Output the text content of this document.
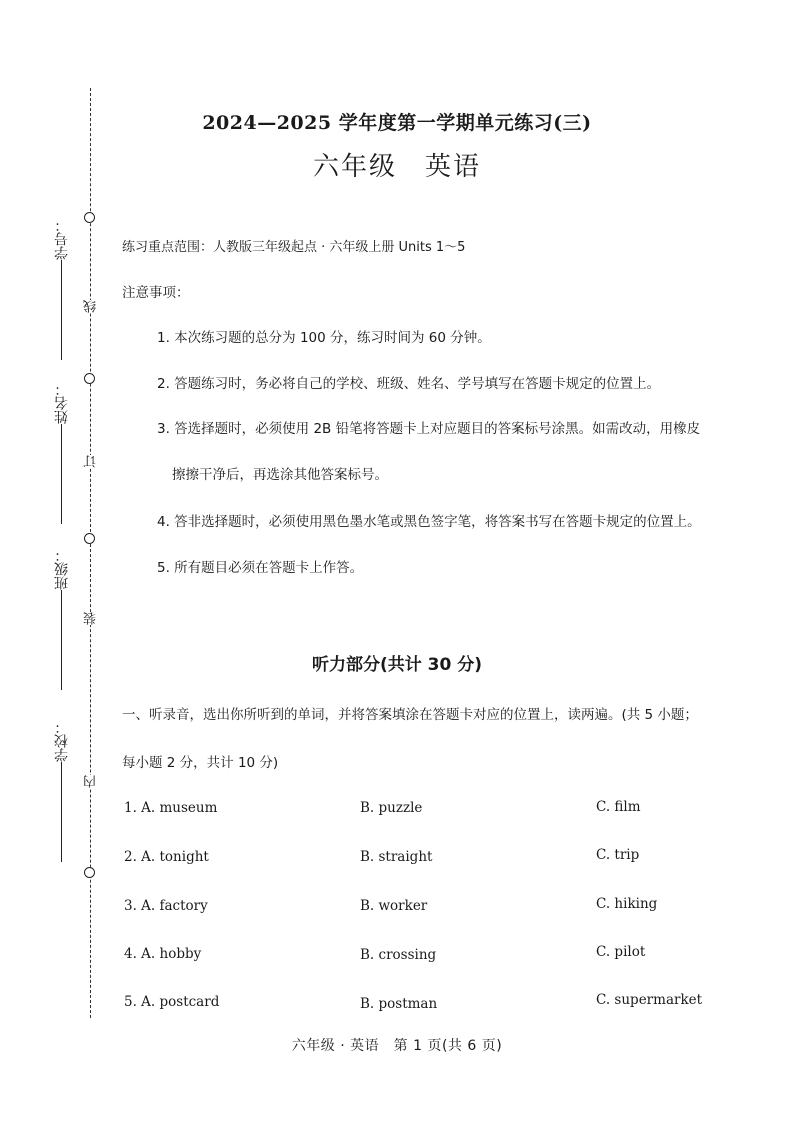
线
订
装
内
学号：
姓名：
班级：
学校：
2024—2025 学年度第一学期单元练习(三)
六年级　英语
练习重点范围：人教版三年级起点 · 六年级上册 Units 1～5
注意事项：
1. 本次练习题的总分为 100 分，练习时间为 60 分钟。
2. 答题练习时，务必将自己的学校、班级、姓名、学号填写在答题卡规定的位置上。
3. 答选择题时，必须使用 2B 铅笔将答题卡上对应题目的答案标号涂黑。如需改动，用橡皮
擦擦干净后，再选涂其他答案标号。
4. 答非选择题时，必须使用黑色墨水笔或黑色签字笔，将答案书写在答题卡规定的位置上。
5. 所有题目必须在答题卡上作答。
听力部分(共计 30 分)
一、听录音，选出你所听到的单词，并将答案填涂在答题卡对应的位置上，读两遍。(共 5 小题；
每小题 2 分，共计 10 分)
1. A. museum	B. puzzle	C. film
2. A. tonight	B. straight	C. trip
3. A. factory	B. worker	C. hiking
4. A. hobby	B. crossing	C. pilot
5. A. postcard	B. postman	C. supermarket
六年级 · 英语　第 1 页(共 6 页)
